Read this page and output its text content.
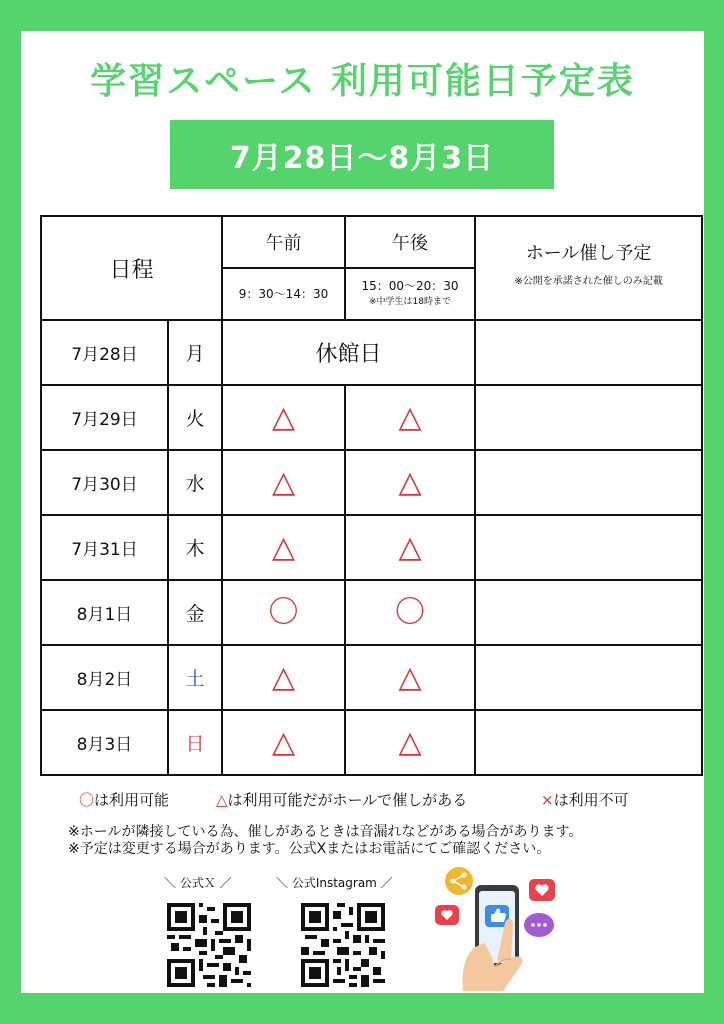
学習スペース 利用可能日予定表
7月28日～8月3日
日程		午前	午後	ホール催し予定
※公開を承諾された催しのみ記載

		9：30～14：30	15：00～20：30
※中学生は18時まで	

7月28日	月	休館日		
7月29日	火	△	△	
7月30日	水	△	△	
7月31日	木	△	△	
8月1日	金	〇	〇	
8月2日	土	△	△	
8月3日	日	△	△	
〇は利用可能	△は利用可能だがホールで催しがある	×は利用不可
※ホールが隣接している為、催しがあるときは音漏れなどがある場合があります。
※予定は変更する場合があります。公式Xまたはお電話にてご確認ください。
＼ 公式Ｘ ／	＼ 公式Instagram ／
